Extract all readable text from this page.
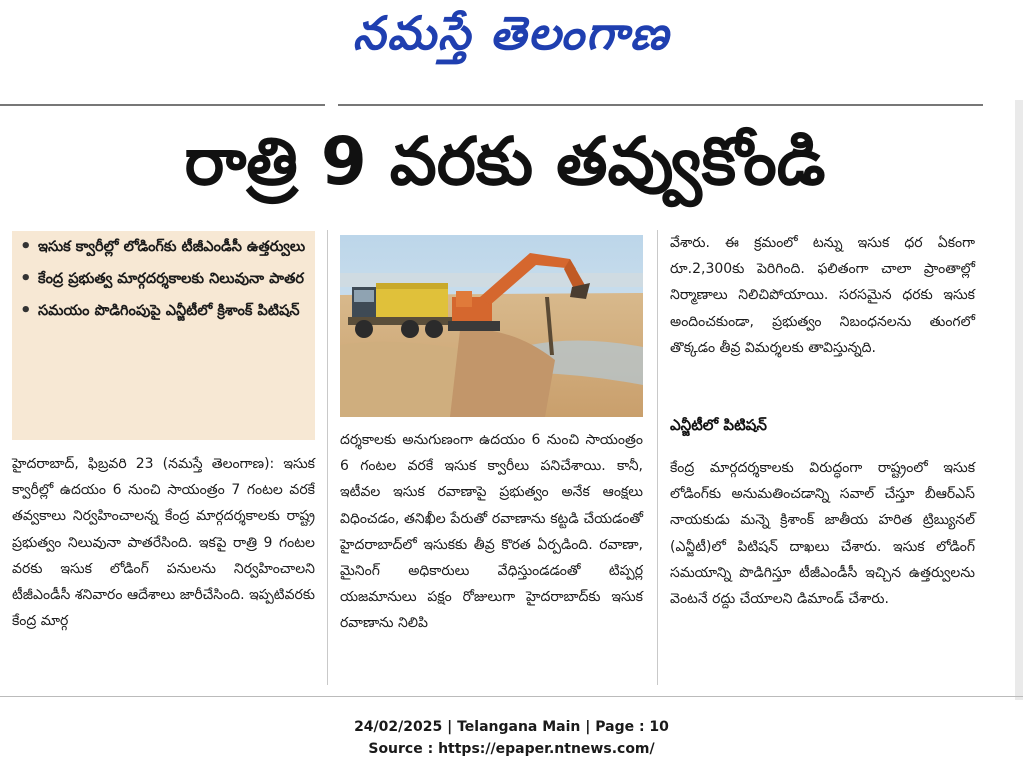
నమస్తే తెలంగాణ
రాత్రి 9 వరకు తవ్వుకోండి
• ఇసుక క్వారీల్లో లోడింగ్‌కు టీజీఎండీసీ ఉత్తర్వులు
• కేంద్ర ప్రభుత్వ మార్గదర్శకాలకు నిలువునా పాతర
• సమయం పొడిగింపుపై ఎన్జీటీలో క్రిశాంక్ పిటిషన్

హైదరాబాద్, ఫిబ్రవరి 23 (నమస్తే తెలంగాణ): ఇసుక క్వారీల్లో ఉదయం 6 నుంచి సాయంత్రం 7 గంటల వరకే తవ్వకాలు నిర్వహించాలన్న కేంద్ర మార్గదర్శకాలకు రాష్ట్ర ప్రభుత్వం నిలువునా పాతరేసింది. ఇకపై రాత్రి 9 గంటల వరకు ఇసుక లోడింగ్ పనులను నిర్వహించాలని టీజీఎండీసీ శనివారం ఆదేశాలు జారీచేసింది. ఇప్పటివరకు కేంద్ర మార్గ

దర్శకాలకు అనుగుణంగా ఉదయం 6 నుంచి సాయంత్రం 6 గంటల వరకే ఇసుక క్వారీలు పనిచేశాయి. కానీ, ఇటీవల ఇసుక రవాణాపై ప్రభుత్వం అనేక ఆంక్షలు విధించడం, తనిఖీల పేరుతో రవాణాను కట్టడి చేయడంతో హైదరాబాద్‌లో ఇసుకకు తీవ్ర కొరత ఏర్పడింది. రవాణా, మైనింగ్ అధికారులు వేధిస్తుండడంతో టిప్పర్ల యజమానులు పక్షం రోజులుగా హైదరాబాద్‌కు ఇసుక రవాణాను నిలిపి

వేశారు. ఈ క్రమంలో టన్ను ఇసుక ధర ఏకంగా రూ.2,300కు పెరిగింది. ఫలితంగా చాలా ప్రాంతాల్లో నిర్మాణాలు నిలిచిపోయాయి. సరసమైన ధరకు ఇసుక అందించకుండా, ప్రభుత్వం నిబంధనలను తుంగలో తొక్కడం తీవ్ర విమర్శలకు తావిస్తున్నది.

ఎన్జీటీలో పిటిషన్

కేంద్ర మార్గదర్శకాలకు విరుద్ధంగా రాష్ట్రంలో ఇసుక లోడింగ్‌కు అనుమతించడాన్ని సవాల్ చేస్తూ బీఆర్ఎస్ నాయకుడు మన్నె క్రిశాంక్ జాతీయ హరిత ట్రిబ్యునల్ (ఎన్జీటీ)లో పిటిషన్ దాఖలు చేశారు. ఇసుక లోడింగ్ సమయాన్ని పొడిగిస్తూ టీజీఎండీసీ ఇచ్చిన ఉత్తర్వులను వెంటనే రద్దు చేయాలని డిమాండ్ చేశారు.

24/02/2025 | Telangana Main | Page : 10
Source : https://epaper.ntnews.com/
